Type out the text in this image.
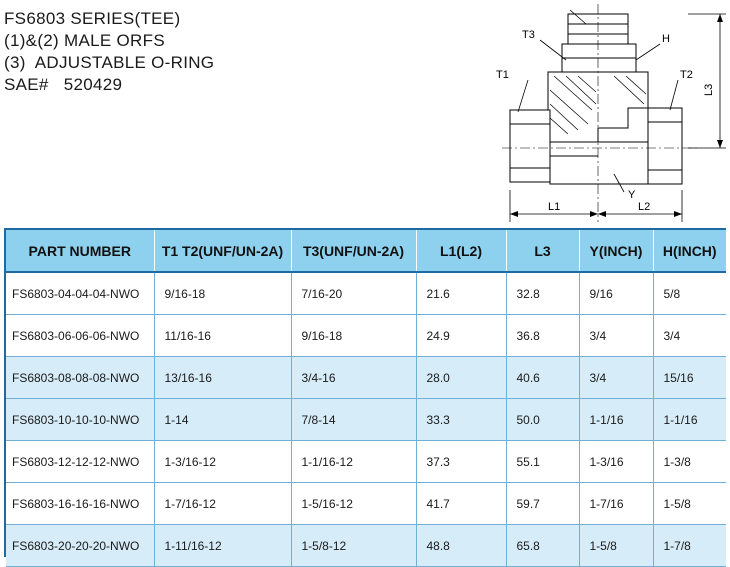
FS6803 SERIES(TEE)
(1)&(2) MALE ORFS
(3)  ADJUSTABLE O-RING
SAE#   520429
T3	H
T1	T2
L3
Y
L1	L2
PART NUMBER	T1 T2(UNF/UN-2A)	T3(UNF/UN-2A)	L1(L2)	L3	Y(INCH)	H(INCH)
FS6803-04-04-04-NWO	9/16-18	7/16-20	21.6	32.8	9/16	5/8
FS6803-06-06-06-NWO	11/16-16	9/16-18	24.9	36.8	3/4	3/4
FS6803-08-08-08-NWO	13/16-16	3/4-16	28.0	40.6	3/4	15/16
FS6803-10-10-10-NWO	1-14	7/8-14	33.3	50.0	1-1/16	1-1/16
FS6803-12-12-12-NWO	1-3/16-12	1-1/16-12	37.3	55.1	1-3/16	1-3/8
FS6803-16-16-16-NWO	1-7/16-12	1-5/16-12	41.7	59.7	1-7/16	1-5/8
FS6803-20-20-20-NWO	1-11/16-12	1-5/8-12	48.8	65.8	1-5/8	1-7/8
